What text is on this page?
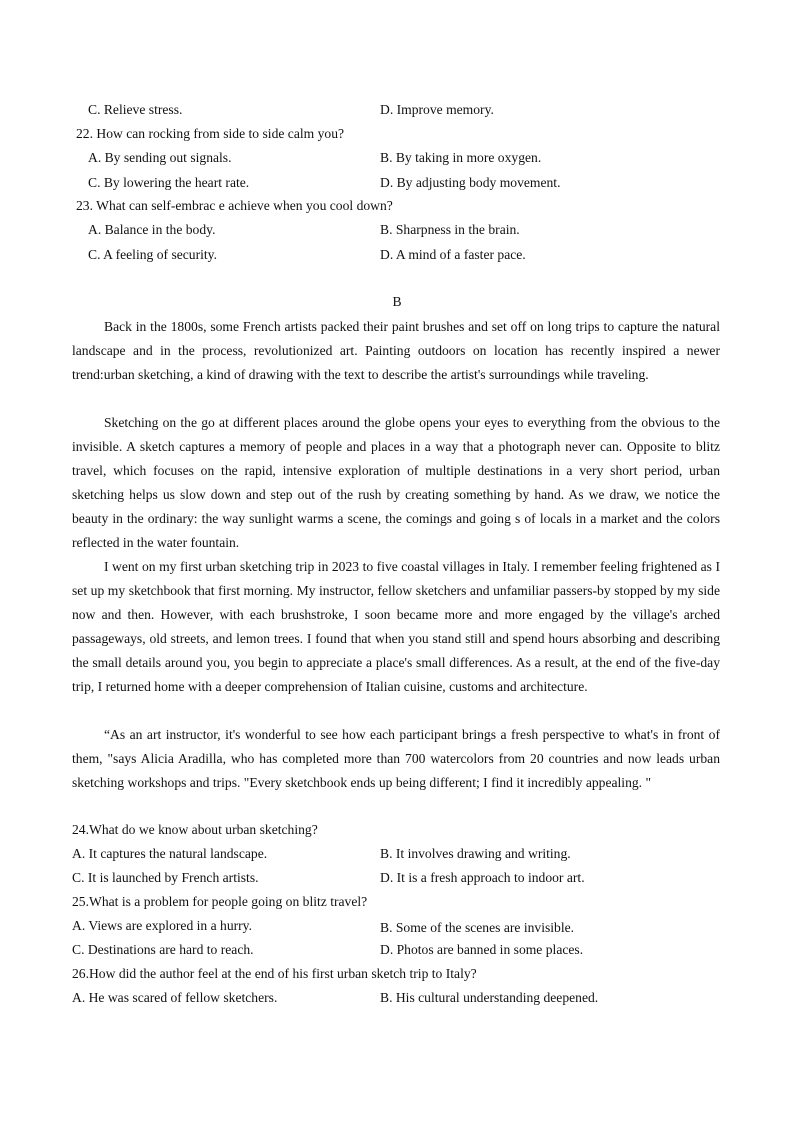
C. Relieve stress.	D. Improve memory.
22. How can rocking from side to side calm you?
A. By sending out signals.	B. By taking in more oxygen.
C. By lowering the heart rate.	D. By adjusting body movement.
23. What can self-embrac e achieve when you cool down?
A. Balance in the body.	B. Sharpness in the brain.
C. A feeling of security.	D. A mind of a faster pace.
B
Back in the 1800s, some French artists packed their paint brushes and set off on long trips to capture the natural landscape and in the process, revolutionized art. Painting outdoors on location has recently inspired a newer trend:urban sketching, a kind of drawing with the text to describe the artist's surroundings while traveling.
Sketching on the go at different places around the globe opens your eyes to everything from the obvious to the invisible. A sketch captures a memory of people and places in a way that a photograph never can. Opposite to blitz travel, which focuses on the rapid, intensive exploration of multiple destinations in a very short period, urban sketching helps us slow down and step out of the rush by creating something by hand. As we draw, we notice the beauty in the ordinary: the way sunlight warms a scene, the comings and going s of locals in a market and the colors reflected in the water fountain.
I went on my first urban sketching trip in 2023 to five coastal villages in Italy. I remember feeling frightened as I set up my sketchbook that first morning. My instructor, fellow sketchers and unfamiliar passers-by stopped by my side now and then. However, with each brushstroke, I soon became more and more engaged by the village's arched passageways, old streets, and lemon trees. I found that when you stand still and spend hours absorbing and describing the small details around you, you begin to appreciate a place's small differences. As a result, at the end of the five-day trip, I returned home with a deeper comprehension of Italian cuisine, customs and architecture.
“As an art instructor, it's wonderful to see how each participant brings a fresh perspective to what's in front of them, "says Alicia Aradilla, who has completed more than 700 watercolors from 20 countries and now leads urban sketching workshops and trips. "Every sketchbook ends up being different; I find it incredibly appealing. "
24.What do we know about urban sketching?
A. It captures the natural landscape.	B. It involves drawing and writing.
C. It is launched by French artists.	D. It is a fresh approach to indoor art.
25.What is a problem for people going on blitz travel?
A. Views are explored in a hurry.	B. Some of the scenes are invisible.
C. Destinations are hard to reach.	D. Photos are banned in some places.
26.How did the author feel at the end of his first urban sketch trip to Italy?
A. He was scared of fellow sketchers.	B. His cultural understanding deepened.
